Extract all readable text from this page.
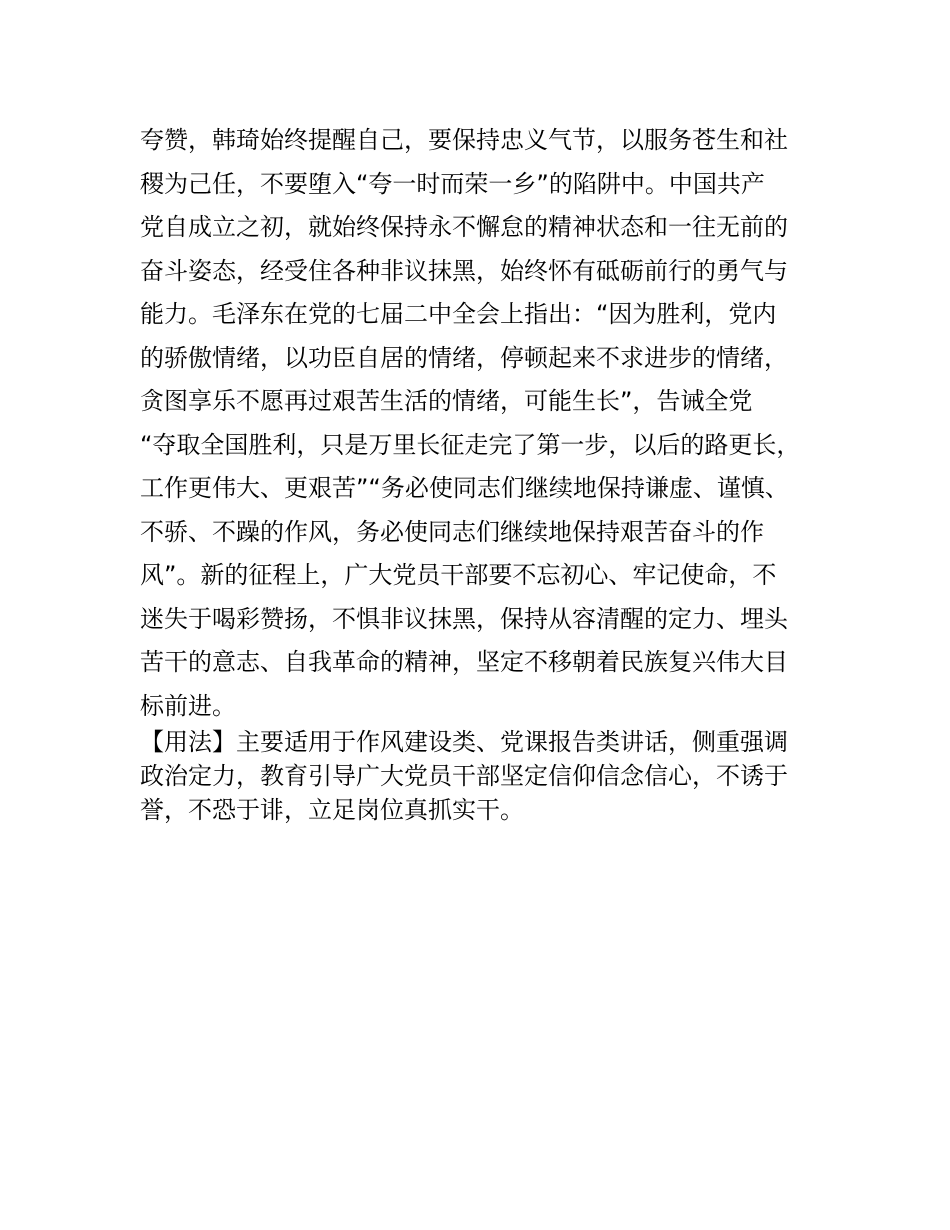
夸赞，韩琦始终提醒自己，要保持忠义气节，以服务苍生和社
稷为己任，不要堕入“夸一时而荣一乡”的陷阱中。中国共产
党自成立之初，就始终保持永不懈怠的精神状态和一往无前的
奋斗姿态，经受住各种非议抹黑，始终怀有砥砺前行的勇气与
能力。毛泽东在党的七届二中全会上指出：“因为胜利，党内
的骄傲情绪，以功臣自居的情绪，停顿起来不求进步的情绪，
贪图享乐不愿再过艰苦生活的情绪，可能生长”，告诫全党
“夺取全国胜利，只是万里长征走完了第一步，以后的路更长，
工作更伟大、更艰苦”“务必使同志们继续地保持谦虚、谨慎、
不骄、不躁的作风，务必使同志们继续地保持艰苦奋斗的作
风”。新的征程上，广大党员干部要不忘初心、牢记使命，不
迷失于喝彩赞扬，不惧非议抹黑，保持从容清醒的定力、埋头
苦干的意志、自我革命的精神，坚定不移朝着民族复兴伟大目
标前进。
【用法】主要适用于作风建设类、党课报告类讲话，侧重强调
政治定力，教育引导广大党员干部坚定信仰信念信心，不诱于
誉，不恐于诽，立足岗位真抓实干。
